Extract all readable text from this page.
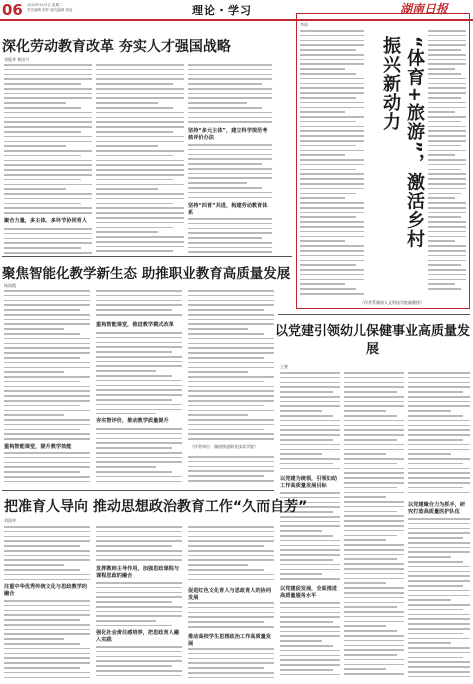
06 2024年9月3日 星期二
责任编辑 周莎 版式编辑 周冠	理论・学习	湖南日报
深化劳动教育改革 夯实人才强国战略
刘俊华 黄田兴
聚合力量，多主体、多环节协同育人
坚持“多元主体”，建立科学规范考核评价办法
坚持“四育”共进，构建劳动教育体系
李雨
“体育+旅游”，激活乡村振兴新动力
（作者系湖南人文科技学院副教授）
聚焦智能化教学新生态 助推职业教育高质量发展
杨海霞
重构智能课堂，提升教学效能
重构智能课堂，推进教学模式改革
夯实智评价，推动教学质量提升
（作者单位：湖南铁道职业技术学院）
以党建引领幼儿保健事业高质量发展
王斐
以党建为统领，引领妇幼工作高质量发展目标
以党建促发展，全面推进高质量服务水平
以党建聚合力为抓手，研究打造高质量医护队伍
把准育人导向 推动思想政治教育工作“久而自芳”
刘国华
注重中华优秀传统文化与思政教学的融合
发挥教师主导作用，加强思政课程与课程思政的融合
强化社会责任感培养，把思政育人融入实践
促进红色文化育人与思政育人的协同发展
推动高校学生思想政治工作高质量发展
